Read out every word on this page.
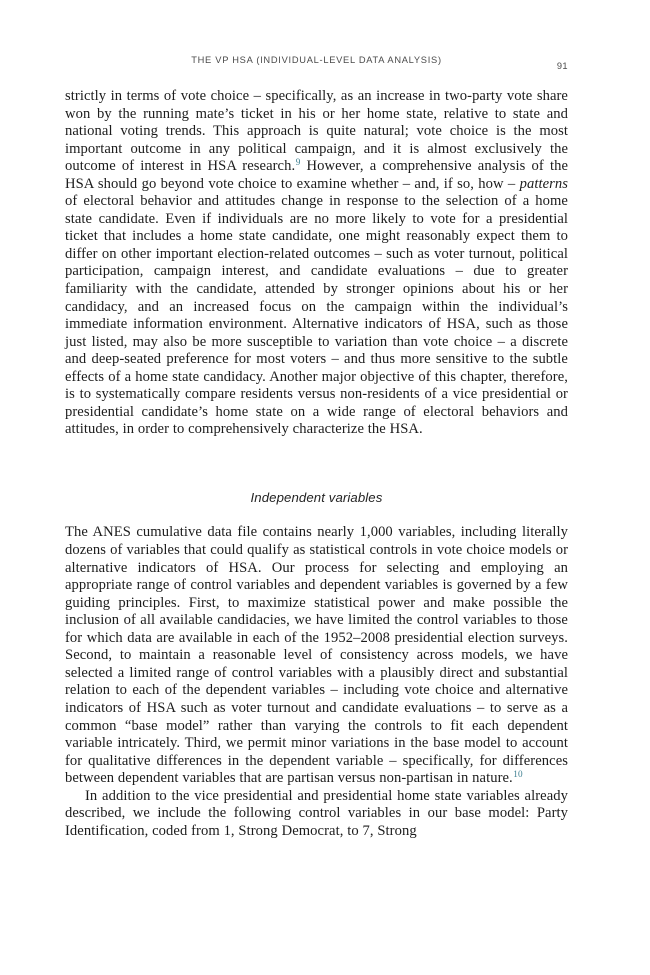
THE VP HSA (INDIVIDUAL-LEVEL DATA ANALYSIS)
91

strictly in terms of vote choice – specifically, as an increase in two-party vote share won by the running mate’s ticket in his or her home state, relative to state and national voting trends. This approach is quite natural; vote choice is the most important outcome in any political campaign, and it is almost exclusively the outcome of interest in HSA research.$^9$ However, a comprehensive analysis of the HSA should go beyond vote choice to examine whether – and, if so, how – patterns of electoral behavior and attitudes change in response to the selection of a home state candidate. Even if individuals are no more likely to vote for a presidential ticket that includes a home state candidate, one might reasonably expect them to differ on other important election-related outcomes – such as voter turnout, political participation, campaign interest, and candidate evaluations – due to greater familiarity with the candidate, attended by stronger opinions about his or her candidacy, and an increased focus on the campaign within the individual’s immediate information environment. Alternative indicators of HSA, such as those just listed, may also be more susceptible to variation than vote choice – a discrete and deep-seated preference for most voters – and thus more sensitive to the subtle effects of a home state candidacy. Another major objective of this chapter, therefore, is to systematically compare residents versus non-residents of a vice presidential or presidential candidate’s home state on a wide range of electoral behaviors and attitudes, in order to comprehensively characterize the HSA.

Independent variables

The ANES cumulative data file contains nearly 1,000 variables, including literally dozens of variables that could qualify as statistical controls in vote choice models or alternative indicators of HSA. Our process for selecting and employing an appropriate range of control variables and dependent variables is governed by a few guiding principles. First, to maximize statistical power and make possible the inclusion of all available candidacies, we have limited the control variables to those for which data are available in each of the 1952–2008 presidential election surveys. Second, to maintain a reasonable level of consistency across models, we have selected a limited range of control variables with a plausibly direct and substantial relation to each of the dependent variables – including vote choice and alternative indicators of HSA such as voter turnout and candidate evaluations – to serve as a common “base model” rather than varying the controls to fit each dependent variable intricately. Third, we permit minor variations in the base model to account for qualitative differences in the dependent variable – specifically, for differences between dependent variables that are partisan versus non-partisan in nature.$^{10}$

In addition to the vice presidential and presidential home state variables already described, we include the following control variables in our base model: Party Identification, coded from 1, Strong Democrat, to 7, Strong
